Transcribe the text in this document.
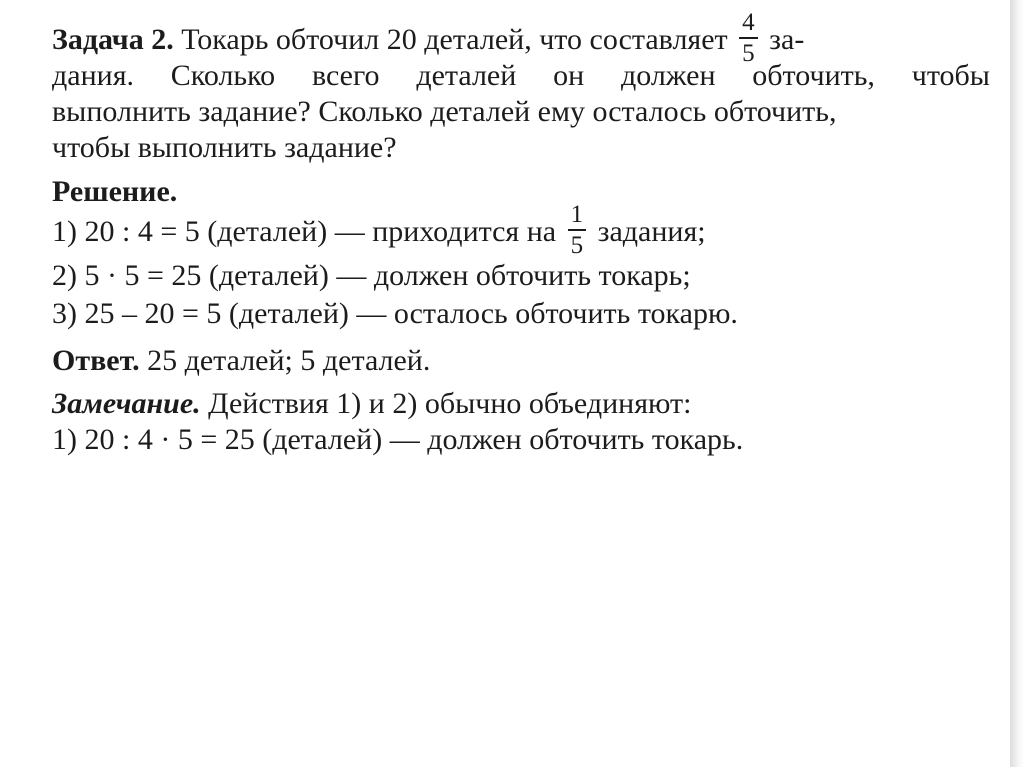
Задача 2. Токарь обточил 20 деталей, что составляет $\frac{4}{5} за-$
дания. Сколько всего деталей он должен обточить, чтобы
выполнить задание? Сколько деталей ему осталось обточить,
чтобы выполнить задание?
Решение.
1) 20 : 4 = 5 (деталей) — приходится на $\frac{1}{5}$ задания;
2) 5 · 5 = 25 (деталей) — должен обточить токарь;
3) 25 – 20 = 5 (деталей) — осталось обточить токарю.
Ответ. 25 деталей; 5 деталей.
Замечание. Действия 1) и 2) обычно объединяют:
1) 20 : 4 · 5 = 25 (деталей) — должен обточить токарь.
